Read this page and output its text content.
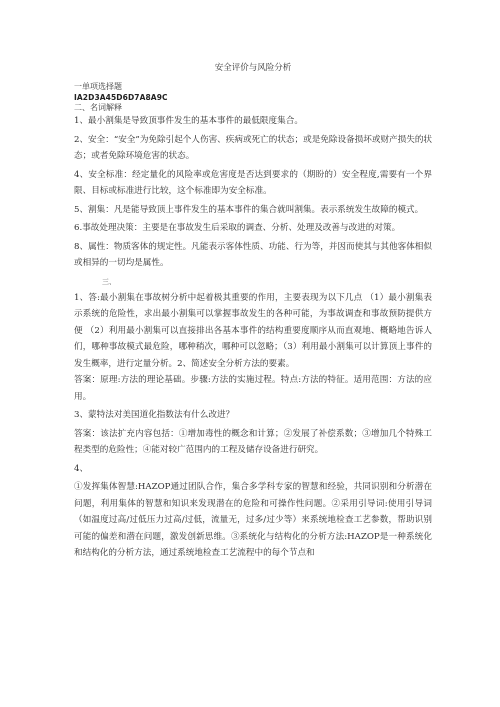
安全评价与风险分析

一单项选择题

IA2D3A45D6D7A8A9C

二、名词解释

1、最小割集是导致顶事件发生的基本事件的最低限度集合。

2、安全：“安全”为免除引起个人伤害、疾病或死亡的状态；或是免除设备损坏或财产损失的状态；或者免除环境危害的状态。

4、安全标准：经定量化的风险率或危害度是否达到要求的（期盼的）安全程度,需要有一个界限、目标或标准进行比较，这个标准即为安全标准。

5、割集：凡是能导致顶上事件发生的基本事件的集合就叫割集。表示系统发生故障的模式。

6.事故处理决策：主要是在事故发生后采取的调查、分析、处理及改善与改进的对策。

8、属性：物质客体的规定性。凡能表示客体性质、功能、行为等，并因而使其与其他客体相似或相异的一切均是属性。

三、

1、答:最小割集在事故树分析中起着极其重要的作用，主要表现为以下几点 （1）最小割集表示系统的危险性，求出最小割集可以掌握事故发生的各种可能，为事故调查和事故预防提供方便 （2）利用最小割集可以直接排出各基本事件的结构重要度顺序从而直观地、概略地告诉人们，哪种事故模式最危险，哪种稍次，哪种可以忽略；（3）利用最小割集可以计算顶上事件的发生概率，进行定量分析。2、简述安全分析方法的要素。

答案：原理:方法的理论基础。步骤:方法的实施过程。特点:方法的特征。适用范围：方法的应用。

3、蒙特法对美国道化指数法有什么改进？

答案：该法扩充内容包括：①增加毒性的概念和计算；②发展了补偿系数；③增加几个特殊工程类型的危险性；④能对较广范围内的工程及储存设备进行研究。

4、

①发挥集体智慧:HAZOP通过团队合作，集合多学科专家的智慧和经验，共同识别和分析潜在问题，利用集体的智慧和知识来发现潜在的危险和可操作性问题。②采用引导词:使用引导词（如温度过高/过低压力过高/过低，流量无，过多/过少等）来系统地检查工艺参数，帮助识别可能的偏差和潜在问题，激发创新思维。③系统化与结构化的分析方法:HAZOP是一种系统化和结构化的分析方法，通过系统地检查工艺流程中的每个节点和
